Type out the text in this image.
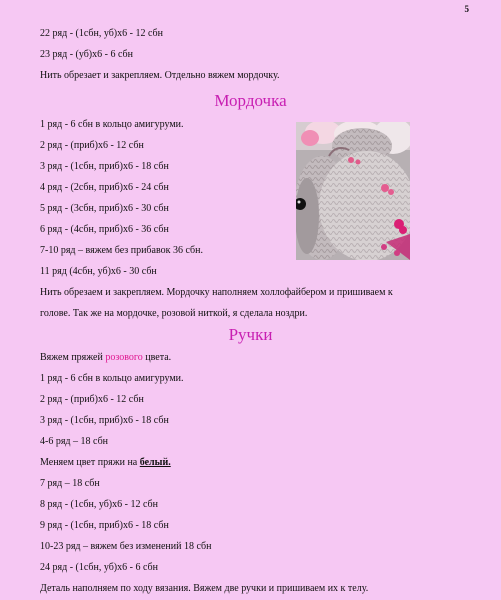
5
22 ряд - (1сбн, уб)х6 - 12 сбн
23 ряд - (уб)х6 - 6 сбн
Нить обрезает и закрепляем. Отдельно вяжем мордочку.
Мордочка
1 ряд - 6 сбн в кольцо амигуруми.
2 ряд - (приб)х6 - 12 сбн
3 ряд - (1сбн, приб)х6 - 18 сбн
4 ряд - (2сбн, приб)х6 - 24 сбн
5 ряд - (3сбн, приб)х6 - 30 сбн
6 ряд - (4сбн, приб)х6 - 36 сбн
7-10 ряд – вяжем без прибавок 36 сбн.
11 ряд (4сбн, уб)х6 - 30 сбн
Нить обрезаем и закрепляем. Мордочку наполняем холлофайбером и пришиваем к
голове. Так же на мордочке, розовой ниткой, я сделала ноздри.
Ручки
Вяжем пряжей розового цвета.
1 ряд - 6 сбн в кольцо амигуруми.
2 ряд - (приб)х6 - 12 сбн
3 ряд - (1сбн, приб)х6 - 18 сбн
4-6 ряд – 18 сбн
Меняем цвет пряжи на белый.
7 ряд – 18 сбн
8 ряд - (1сбн, уб)х6 - 12 сбн
9 ряд - (1сбн, приб)х6 - 18 сбн
10-23 ряд – вяжем без изменений 18 сбн
24 ряд - (1сбн, уб)х6 - 6 сбн
Деталь наполняем по ходу вязания. Вяжем две ручки и пришиваем их к телу.
